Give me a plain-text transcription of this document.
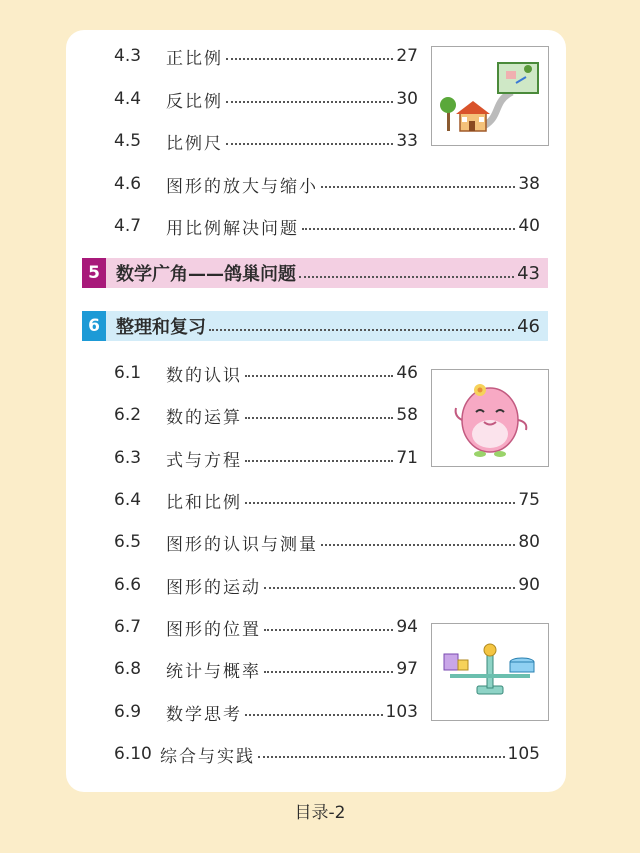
4.3	正比例	27
4.4	反比例	30
4.5	比例尺	33
4.6	图形的放大与缩小	38
4.7	用比例解决问题	40
5 数学广角——鸽巢问题	43
6 整理和复习	46
6.1	数的认识	46
6.2	数的运算	58
6.3	式与方程	71
6.4	比和比例	75
6.5	图形的认识与测量	80
6.6	图形的运动	90
6.7	图形的位置	94
6.8	统计与概率	97
6.9	数学思考	103
6.10 综合与实践	105
目录-2
